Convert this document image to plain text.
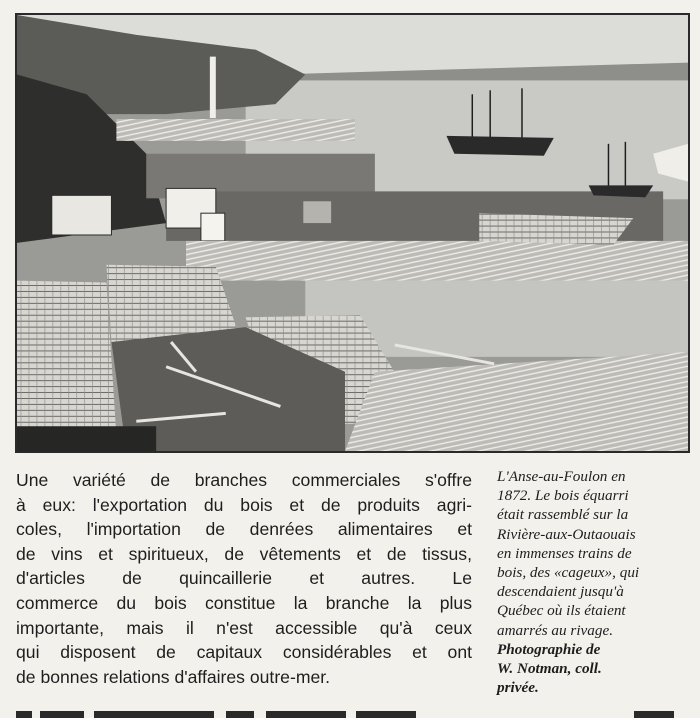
Une variété de branches commerciales s'offre
à eux: l'exportation du bois et de produits agri-
coles, l'importation de denrées alimentaires et
de vins et spiritueux, de vêtements et de tissus,
d'articles de quincaillerie et autres. Le
commerce du bois constitue la branche la plus
importante, mais il n'est accessible qu'à ceux
qui disposent de capitaux considérables et ont
de bonnes relations d'affaires outre-mer.
L'Anse-au-Foulon en
1872. Le bois équarri
était rassemblé sur la
Rivière-aux-Outaouais
en immenses trains de
bois, des «cageux», qui
descendaient jusqu'à
Québec où ils étaient
amarrés au rivage.
Photographie de
W. Notman, coll.
privée.
